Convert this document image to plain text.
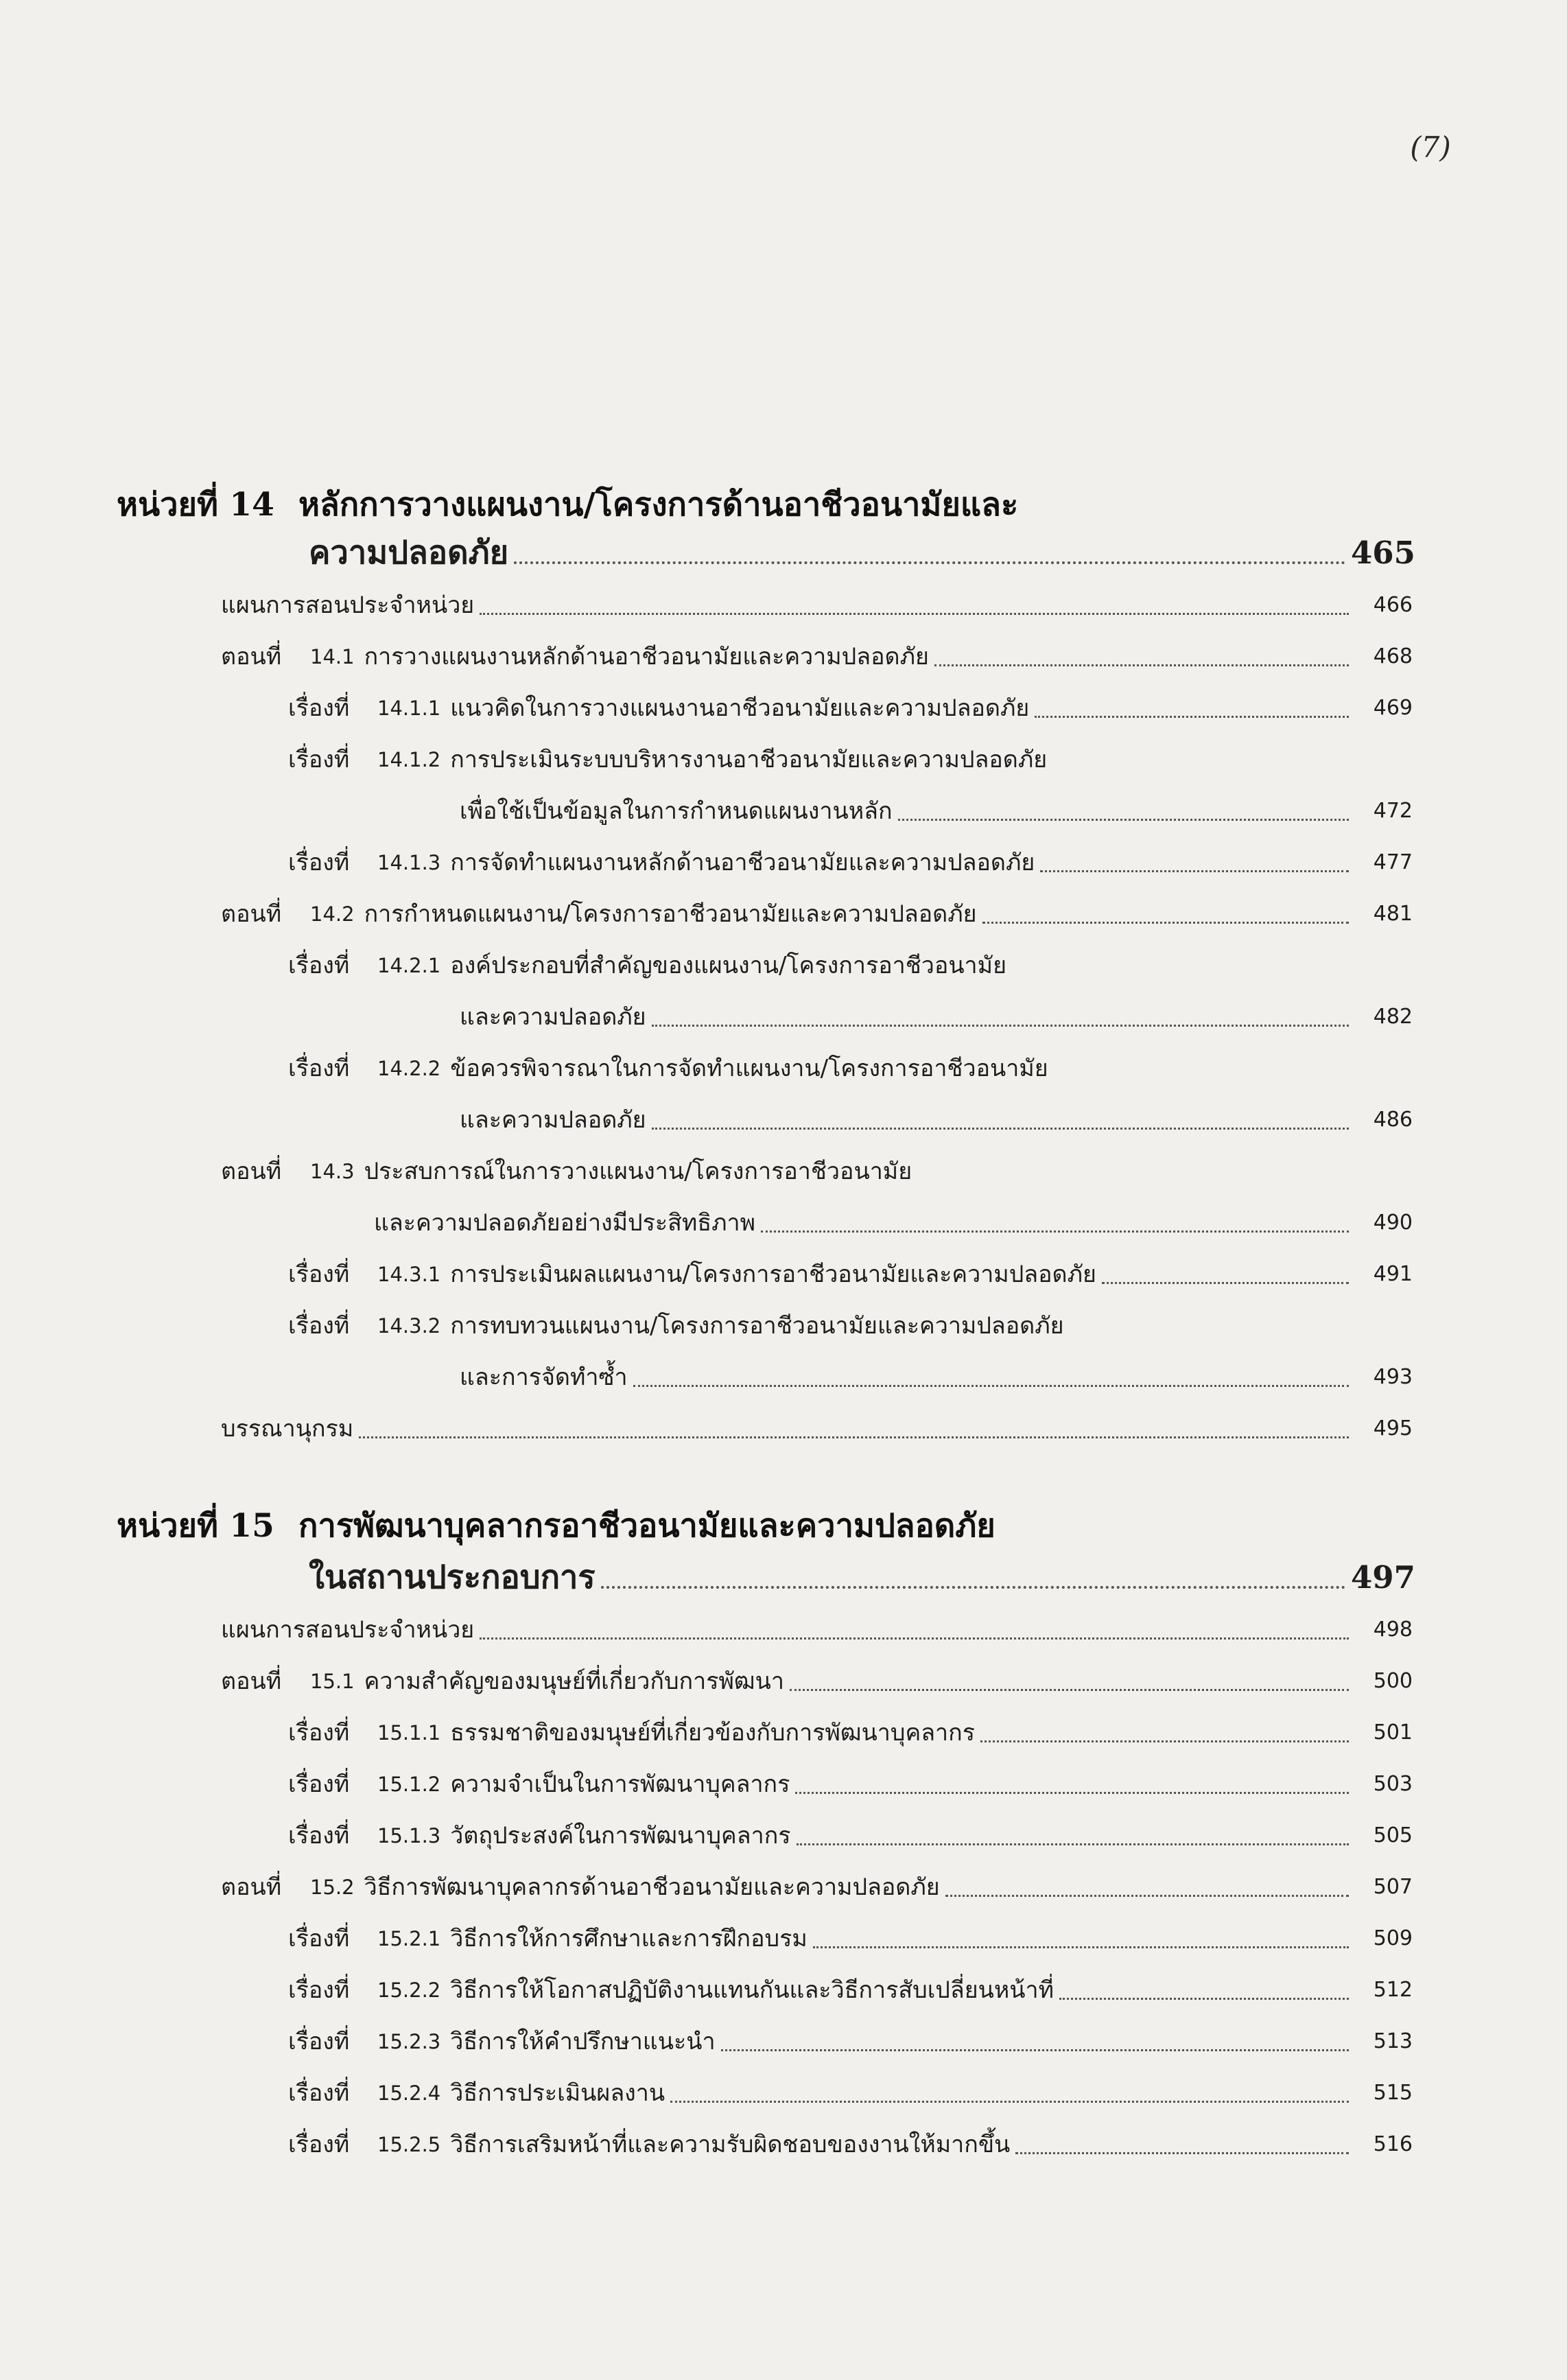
(7)
หน่วยที่ 14 หลักการวางแผนงาน/โครงการด้านอาชีวอนามัยและ
ความปลอดภัย	465
แผนการสอนประจำหน่วย	466
ตอนที่	14.1 การวางแผนงานหลักด้านอาชีวอนามัยและความปลอดภัย	468
เรื่องที่	14.1.1 แนวคิดในการวางแผนงานอาชีวอนามัยและความปลอดภัย	469
เรื่องที่	14.1.2 การประเมินระบบบริหารงานอาชีวอนามัยและความปลอดภัย
เพื่อใช้เป็นข้อมูลในการกำหนดแผนงานหลัก	472
เรื่องที่	14.1.3 การจัดทำแผนงานหลักด้านอาชีวอนามัยและความปลอดภัย	477
ตอนที่	14.2 การกำหนดแผนงาน/โครงการอาชีวอนามัยและความปลอดภัย	481
เรื่องที่	14.2.1 องค์ประกอบที่สำคัญของแผนงาน/โครงการอาชีวอนามัย
และความปลอดภัย	482
เรื่องที่	14.2.2 ข้อควรพิจารณาในการจัดทำแผนงาน/โครงการอาชีวอนามัย
และความปลอดภัย	486
ตอนที่	14.3 ประสบการณ์ในการวางแผนงาน/โครงการอาชีวอนามัย
และความปลอดภัยอย่างมีประสิทธิภาพ	490
เรื่องที่	14.3.1 การประเมินผลแผนงาน/โครงการอาชีวอนามัยและความปลอดภัย	491
เรื่องที่	14.3.2 การทบทวนแผนงาน/โครงการอาชีวอนามัยและความปลอดภัย
และการจัดทำซ้ำ	493
บรรณานุกรม	495
หน่วยที่ 15 การพัฒนาบุคลากรอาชีวอนามัยและความปลอดภัย
ในสถานประกอบการ	497
แผนการสอนประจำหน่วย	498
ตอนที่	15.1 ความสำคัญของมนุษย์ที่เกี่ยวกับการพัฒนา	500
เรื่องที่	15.1.1 ธรรมชาติของมนุษย์ที่เกี่ยวข้องกับการพัฒนาบุคลากร	501
เรื่องที่	15.1.2 ความจำเป็นในการพัฒนาบุคลากร	503
เรื่องที่	15.1.3 วัตถุประสงค์ในการพัฒนาบุคลากร	505
ตอนที่	15.2 วิธีการพัฒนาบุคลากรด้านอาชีวอนามัยและความปลอดภัย	507
เรื่องที่	15.2.1 วิธีการให้การศึกษาและการฝึกอบรม	509
เรื่องที่	15.2.2 วิธีการให้โอกาสปฏิบัติงานแทนกันและวิธีการสับเปลี่ยนหน้าที่	512
เรื่องที่	15.2.3 วิธีการให้คำปรึกษาแนะนำ	513
เรื่องที่	15.2.4 วิธีการประเมินผลงาน	515
เรื่องที่	15.2.5 วิธีการเสริมหน้าที่และความรับผิดชอบของงานให้มากขึ้น	516
